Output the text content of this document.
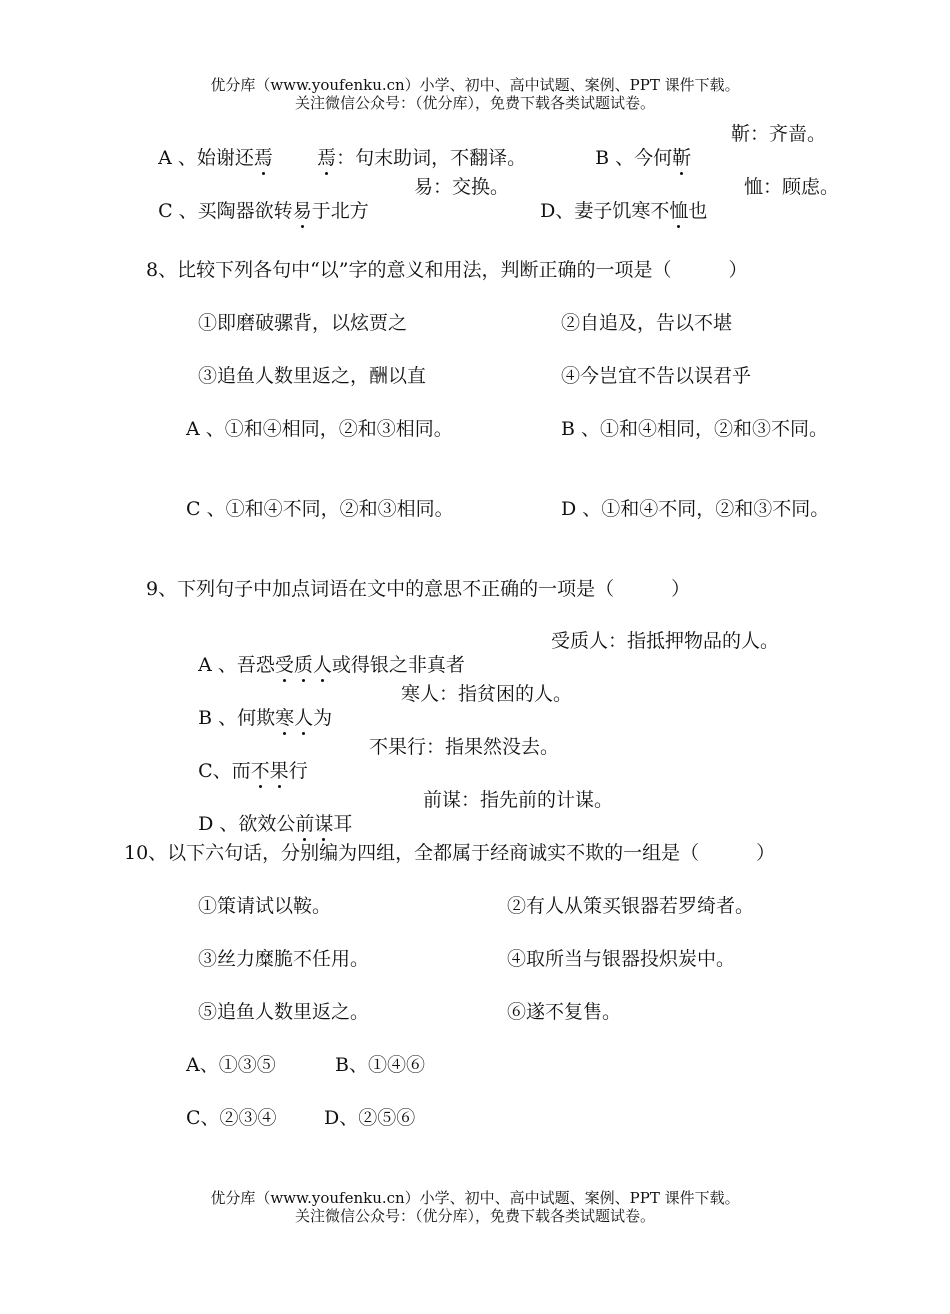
优分库（www.youfenku.cn）小学、初中、高中试题、案例、PPT 课件下载。
关注微信公众号：（优分库），免费下载各类试题试卷。

A 、始谢还焉	焉：句末助词，不翻译。	B 、今何靳

靳：齐啬。

C 、买陶器欲转易于北方

易：交换。

D、妻子饥寒不恤也

恤：顾虑。
8、比较下列各句中“以”字的意义和用法，判断正确的一项是（　　　）
①即磨破骡背，以炫贾之	②自追及，告以不堪
③追鱼人数里返之，酬以直	④今岂宜不告以误君乎
A 、①和④相同，②和③相同。	B 、①和④相同，②和③不同。
C 、①和④不同，②和③相同。	D 、①和④不同，②和③不同。
9、下列句子中加点词语在文中的意思不正确的一项是（　　　）

A 、吾恐受质人或得银之非真者

受质人：指抵押物品的人。

B 、何欺寒人为

寒人：指贫困的人。

C、而不果行

不果行：指果然没去。

D 、欲效公前谋耳

前谋：指先前的计谋。
10、以下六句话，分别编为四组，全都属于经商诚实不欺的一组是（　　　）
①策请试以鞍。	②有人从策买银器若罗绮者。
③丝力糜脆不任用。	④取所当与银器投炽炭中。
⑤追鱼人数里返之。	⑥遂不复售。
A、①③⑤	B、①④⑥
C、②③④ D、②⑤⑥
优分库（www.youfenku.cn）小学、初中、高中试题、案例、PPT 课件下载。
关注微信公众号：（优分库），免费下载各类试题试卷。
